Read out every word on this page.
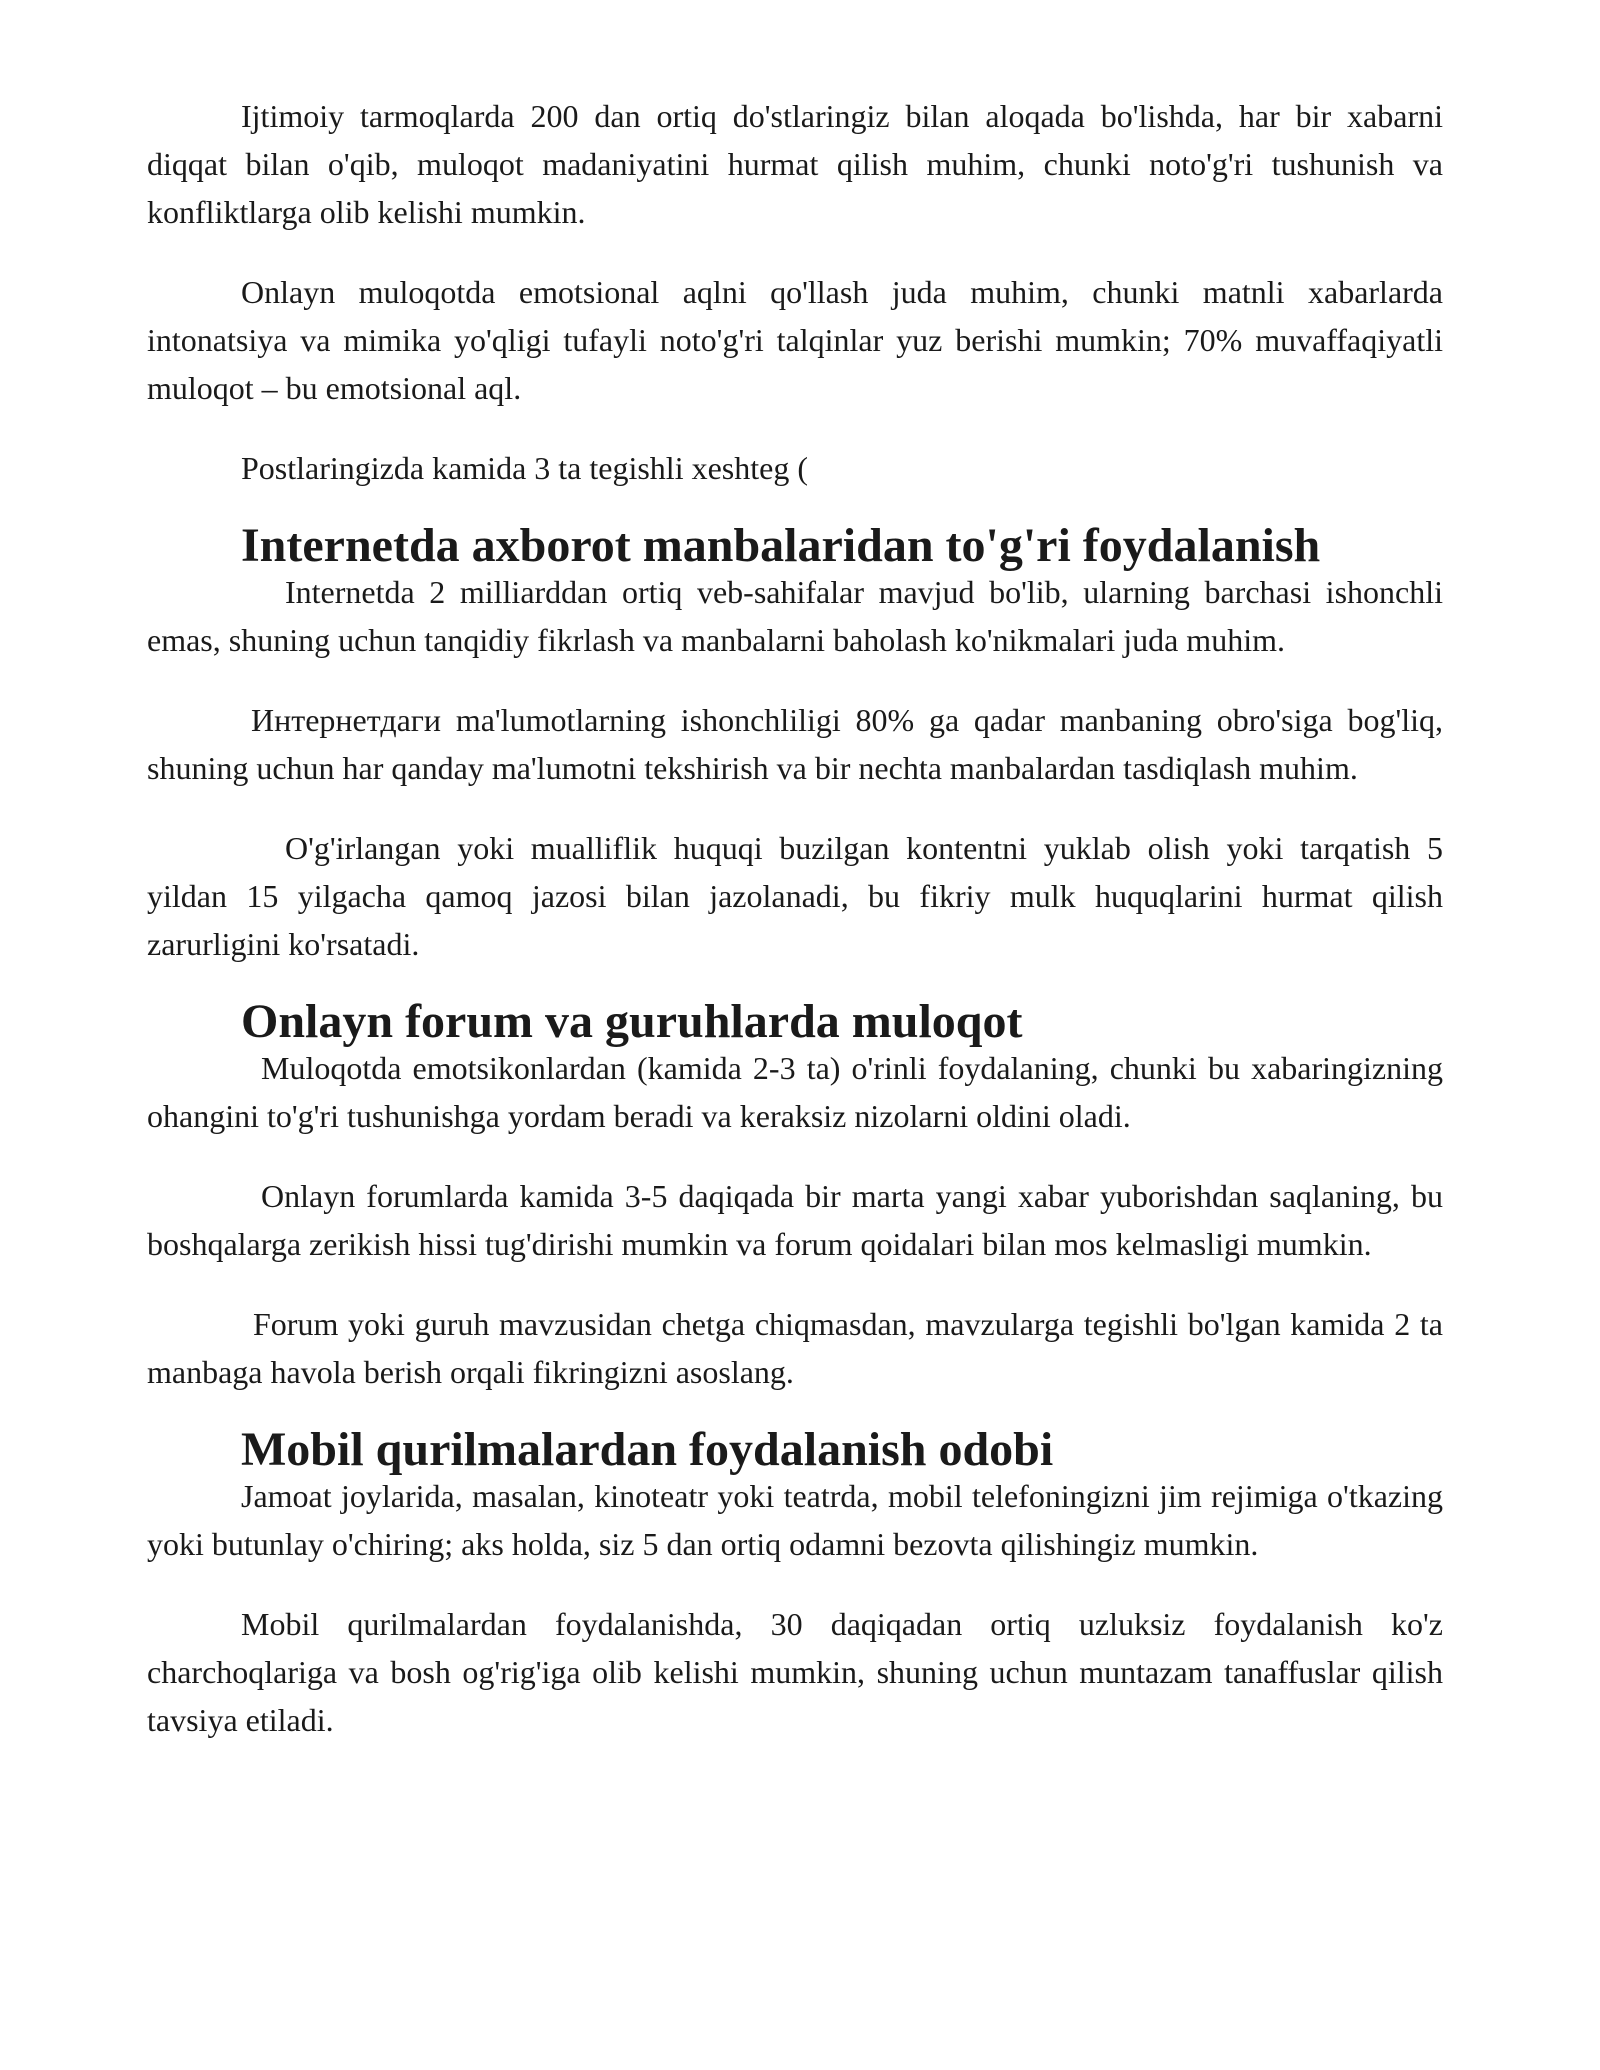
Ijtimoiy tarmoqlarda 200 dan ortiq do'stlaringiz bilan aloqada bo'lishda, har bir xabarni diqqat bilan o'qib, muloqot madaniyatini hurmat qilish muhim, chunki noto'g'ri tushunish va konfliktlarga olib kelishi mumkin.

Onlayn muloqotda emotsional aqlni qo'llash juda muhim, chunki matnli xabarlarda intonatsiya va mimika yo'qligi tufayli noto'g'ri talqinlar yuz berishi mumkin; 70% muvaffaqiyatli muloqot – bu emotsional aql.

Postlaringizda kamida 3 ta tegishli xeshteg (

Internetda axborot manbalaridan to'g'ri foydalanish

Internetda 2 milliarddan ortiq veb-sahifalar mavjud bo'lib, ularning barchasi ishonchli emas, shuning uchun tanqidiy fikrlash va manbalarni baholash ko'nikmalari juda muhim.

Интернетдаги ma'lumotlarning ishonchliligi 80% ga qadar manbaning obro'siga bog'liq, shuning uchun har qanday ma'lumotni tekshirish va bir nechta manbalardan tasdiqlash muhim.

O'g'irlangan yoki mualliflik huquqi buzilgan kontentni yuklab olish yoki tarqatish 5 yildan 15 yilgacha qamoq jazosi bilan jazolanadi, bu fikriy mulk huquqlarini hurmat qilish zarurligini ko'rsatadi.

Onlayn forum va guruhlarda muloqot

Muloqotda emotsikonlardan (kamida 2-3 ta) o'rinli foydalaning, chunki bu xabaringizning ohangini to'g'ri tushunishga yordam beradi va keraksiz nizolarni oldini oladi.

Onlayn forumlarda kamida 3-5 daqiqada bir marta yangi xabar yuborishdan saqlaning, bu boshqalarga zerikish hissi tug'dirishi mumkin va forum qoidalari bilan mos kelmasligi mumkin.

Forum yoki guruh mavzusidan chetga chiqmasdan, mavzularga tegishli bo'lgan kamida 2 ta manbaga havola berish orqali fikringizni asoslang.

Mobil qurilmalardan foydalanish odobi

Jamoat joylarida, masalan, kinoteatr yoki teatrda, mobil telefoningizni jim rejimiga o'tkazing yoki butunlay o'chiring; aks holda, siz 5 dan ortiq odamni bezovta qilishingiz mumkin.

Mobil qurilmalardan foydalanishda, 30 daqiqadan ortiq uzluksiz foydalanish ko'z charchoqlariga va bosh og'rig'iga olib kelishi mumkin, shuning uchun muntazam tanaffuslar qilish tavsiya etiladi.
